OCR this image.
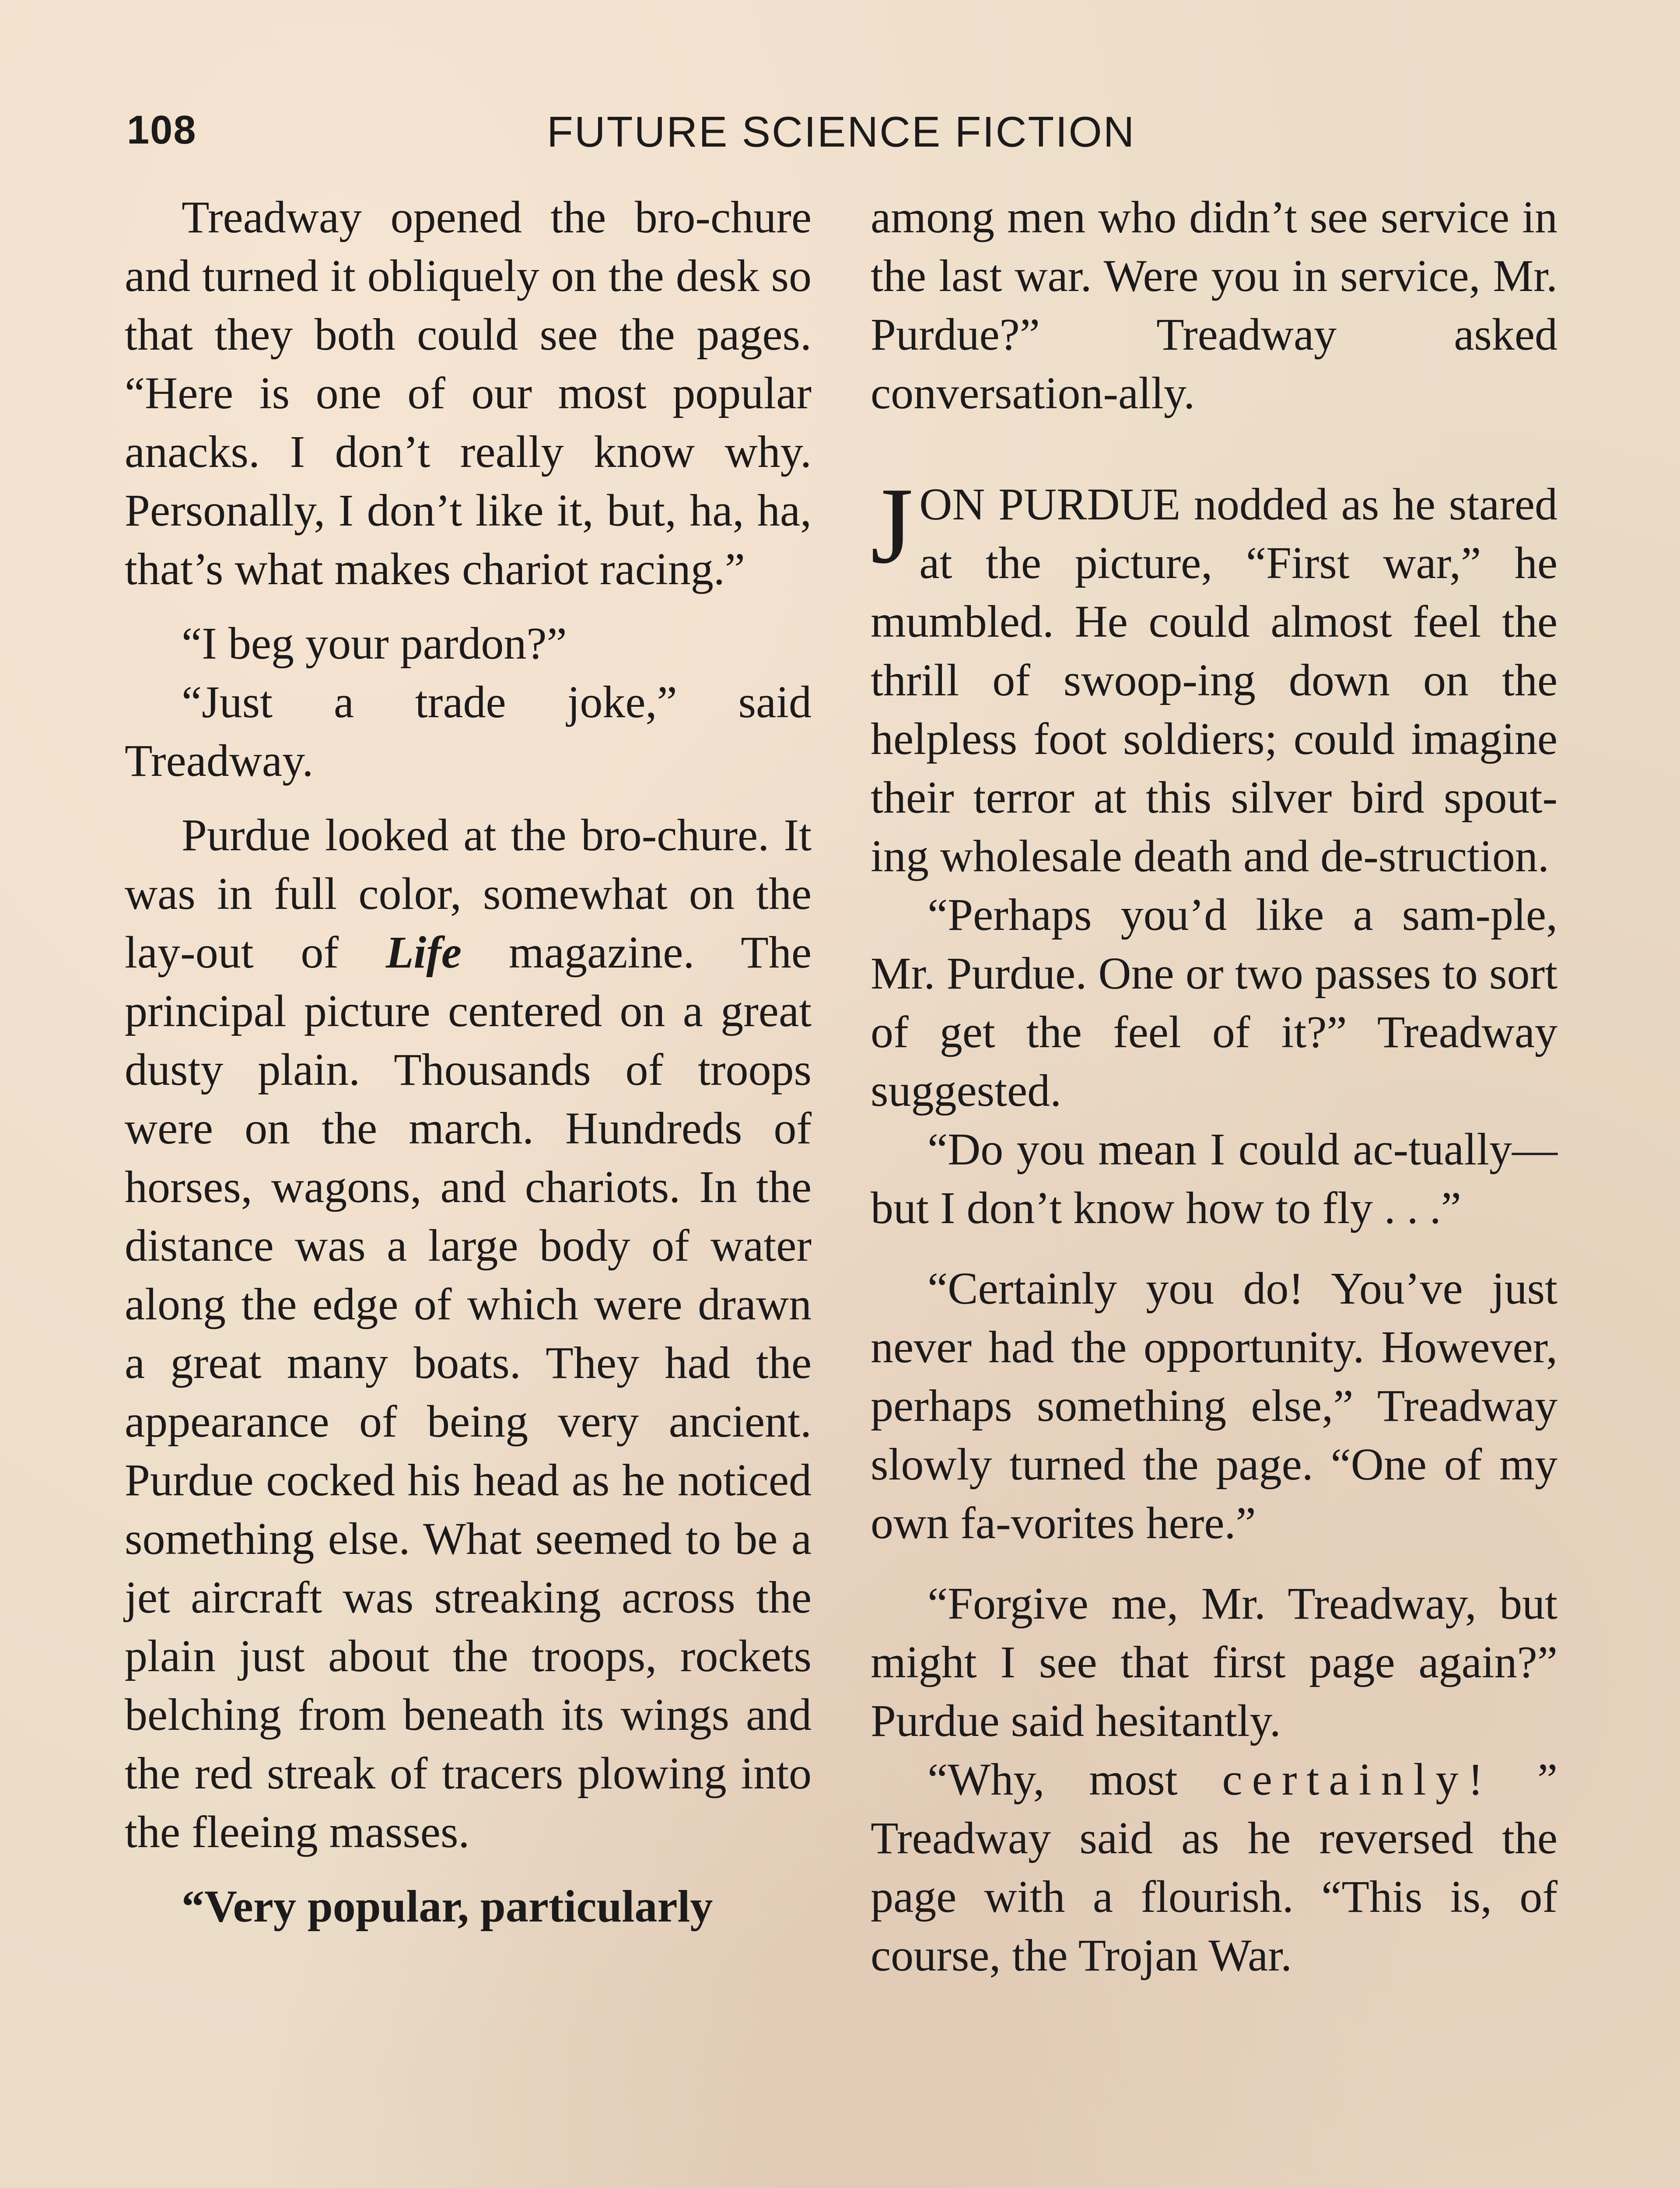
108	FUTURE SCIENCE FICTION

Treadway opened the bro-chure and turned it obliquely on the desk so that they both could see the pages. “Here is one of our most popular anacks. I don’t really know why. Personally, I don’t like it, but, ha, ha, that’s what makes chariot racing.”

“I beg your pardon?”

“Just a trade joke,” said Treadway.

Purdue looked at the bro-chure. It was in full color, somewhat on the lay-out of Life magazine. The principal picture centered on a great dusty plain. Thousands of troops were on the march. Hundreds of horses, wagons, and chariots. In the distance was a large body of water along the edge of which were drawn a great many boats. They had the appearance of being very ancient. Purdue cocked his head as he noticed something else. What seemed to be a jet aircraft was streaking across the plain just about the troops, rockets belching from beneath its wings and the red streak of tracers plowing into the fleeing masses.

“Very popular, particularly

among men who didn’t see service in the last war. Were you in service, Mr. Purdue?” Treadway asked conversation-ally.

J ON PURDUE nodded as he stared at the picture, “First war,” he mumbled. He could almost feel the thrill of swoop-ing down on the helpless foot soldiers; could imagine their terror at this silver bird spout-ing wholesale death and de-struction.

“Perhaps you’d like a sam-ple, Mr. Purdue. One or two passes to sort of get the feel of it?” Treadway suggested.

“Do you mean I could ac-tually—but I don’t know how to fly . . .”

“Certainly you do! You’ve just never had the opportunity. However, perhaps something else,” Treadway slowly turned the page. “One of my own fa-vorites here.”

“Forgive me, Mr. Treadway, but might I see that first page again?” Purdue said hesitantly.

“Why, most certainly! ” Treadway said as he reversed the page with a flourish. “This is, of course, the Trojan War.
